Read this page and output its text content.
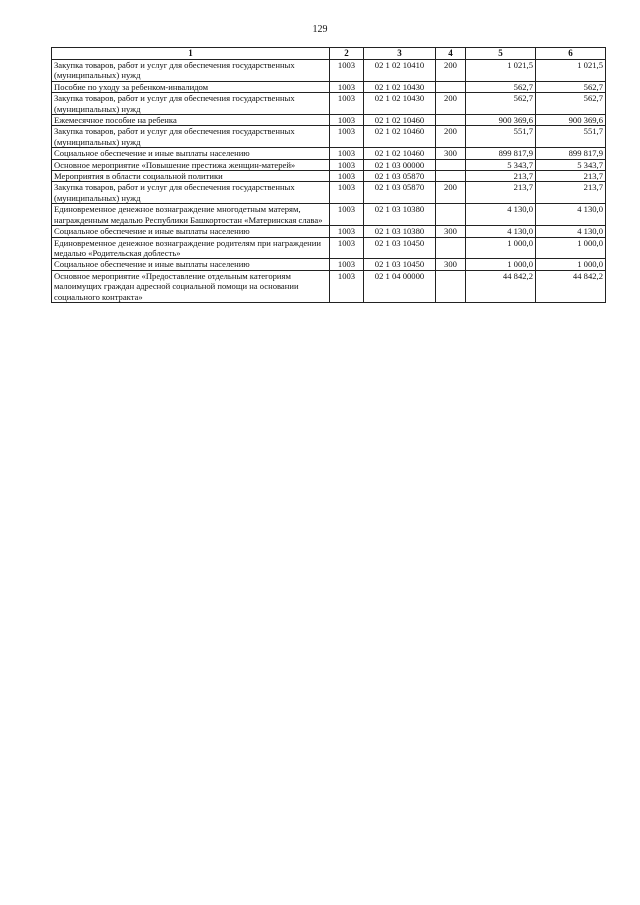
129
1	2	3	4	5	6
Закупка товаров, работ и услуг для обеспечения государственных (муниципальных) нужд	1003	02 1 02 10410	200	1 021,5	1 021,5
Пособие по уходу за ребенком-инвалидом	1003	02 1 02 10430		562,7	562,7
Закупка товаров, работ и услуг для обеспечения государственных (муниципальных) нужд	1003	02 1 02 10430	200	562,7	562,7
Ежемесячное пособие на ребенка	1003	02 1 02 10460		900 369,6	900 369,6
Закупка товаров, работ и услуг для обеспечения государственных (муниципальных) нужд	1003	02 1 02 10460	200	551,7	551,7
Социальное обеспечение и иные выплаты населению	1003	02 1 02 10460	300	899 817,9	899 817,9
Основное мероприятие «Повышение престижа женщин-матерей»	1003	02 1 03 00000		5 343,7	5 343,7
Мероприятия в области социальной политики	1003	02 1 03 05870		213,7	213,7
Закупка товаров, работ и услуг для обеспечения государственных (муниципальных) нужд	1003	02 1 03 05870	200	213,7	213,7
Единовременное денежное вознаграждение многодетным матерям, награжденным медалью Республики Башкортостан «Материнская слава»	1003	02 1 03 10380		4 130,0	4 130,0
Социальное обеспечение и иные выплаты населению	1003	02 1 03 10380	300	4 130,0	4 130,0
Единовременное денежное вознаграждение родителям при награждении медалью «Родительская доблесть»	1003	02 1 03 10450		1 000,0	1 000,0
Социальное обеспечение и иные выплаты населению	1003	02 1 03 10450	300	1 000,0	1 000,0
Основное мероприятие «Предоставление отдельным категориям малоимущих граждан адресной социальной помощи на основании социального контракта»	1003	02 1 04 00000		44 842,2	44 842,2
